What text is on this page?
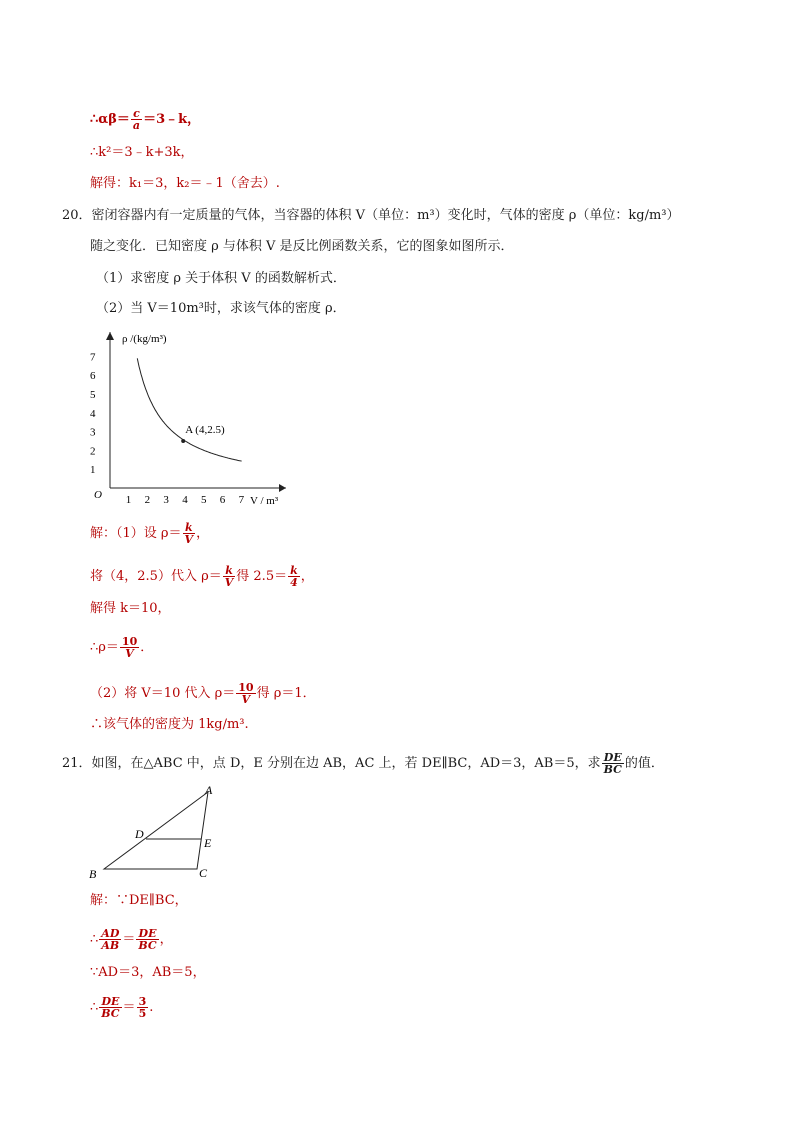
∴αβ＝ $\frac{c}{a}$ ＝3﹣k，
∴k²＝3﹣k+3k，
解得：k₁＝3，k₂＝﹣1（舍去）.
20．密闭容器内有一定质量的气体，当容器的体积 V（单位：m³）变化时，气体的密度 ρ（单位：kg/m³）
随之变化．已知密度 ρ 与体积 V 是反比例函数关系，它的图象如图所示．
（1）求密度 ρ 关于体积 V 的函数解析式．
（2）当 V＝10m³时，求该气体的密度 ρ．
ρ /(kg/m³)
V / m³
O
1
2
3
4
5
6
7
1 2 3 4 5 6 7
A (4,2.5)
解：（1）设 $\rho= \frac{k}{V}$ ，
将（4，2.5）代入 $\rho= \frac{k}{V}$ 得 $2.5= \frac{k}{4}$ ，
解得 k＝10，
∴ρ＝ $\frac{10}{V}$ ．
（2）将 V＝10 代入 $\rho= \frac{10}{V}$ 得 ρ＝1．
∴该气体的密度为 1kg/m³.
21．如图，在△ABC 中，点 D，E 分别在边 AB，AC 上，若 DE∥BC，AD＝3，AB＝5，求 $\frac{DE}{BC}$ 的值．
A
B	C
D
E
解：∵DE∥BC，
∴ $\frac{AD}{AB} = \frac{DE}{BC}$ ，
∵AD＝3，AB＝5，
∴ $\frac{DE}{BC} = \frac{3}{5}$ .
